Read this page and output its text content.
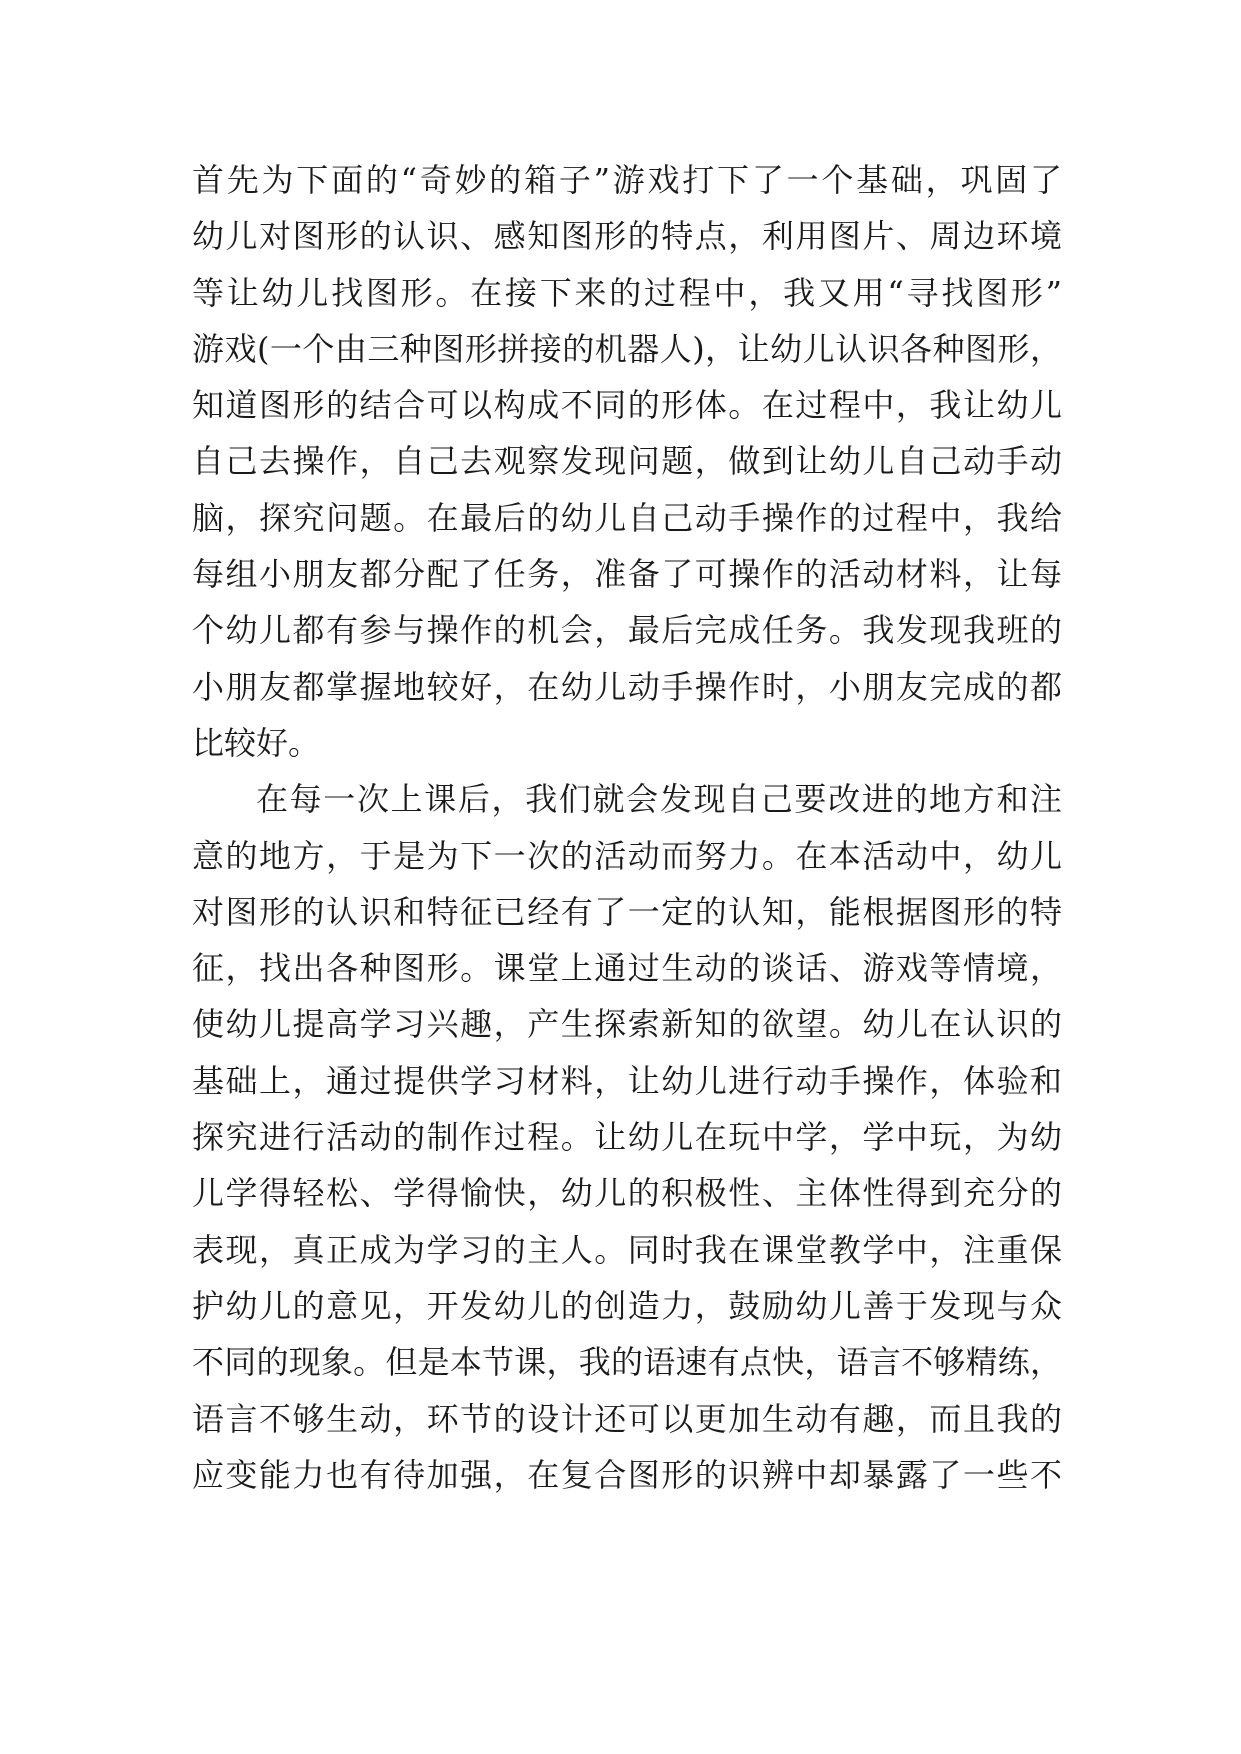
首先为下面的“奇妙的箱子”游戏打下了一个基础，巩固了
幼儿对图形的认识、感知图形的特点，利用图片、周边环境
等让幼儿找图形。在接下来的过程中，我又用“寻找图形”
游戏(一个由三种图形拼接的机器人)，让幼儿认识各种图形，
知道图形的结合可以构成不同的形体。在过程中，我让幼儿
自己去操作，自己去观察发现问题，做到让幼儿自己动手动
脑，探究问题。在最后的幼儿自己动手操作的过程中，我给
每组小朋友都分配了任务，准备了可操作的活动材料，让每
个幼儿都有参与操作的机会，最后完成任务。我发现我班的
小朋友都掌握地较好，在幼儿动手操作时，小朋友完成的都
比较好。
在每一次上课后，我们就会发现自己要改进的地方和注
意的地方，于是为下一次的活动而努力。在本活动中，幼儿
对图形的认识和特征已经有了一定的认知，能根据图形的特
征，找出各种图形。课堂上通过生动的谈话、游戏等情境，
使幼儿提高学习兴趣，产生探索新知的欲望。幼儿在认识的
基础上，通过提供学习材料，让幼儿进行动手操作，体验和
探究进行活动的制作过程。让幼儿在玩中学，学中玩，为幼
儿学得轻松、学得愉快，幼儿的积极性、主体性得到充分的
表现，真正成为学习的主人。同时我在课堂教学中，注重保
护幼儿的意见，开发幼儿的创造力，鼓励幼儿善于发现与众
不同的现象。但是本节课，我的语速有点快，语言不够精练，
语言不够生动，环节的设计还可以更加生动有趣，而且我的
应变能力也有待加强，在复合图形的识辨中却暴露了一些不
